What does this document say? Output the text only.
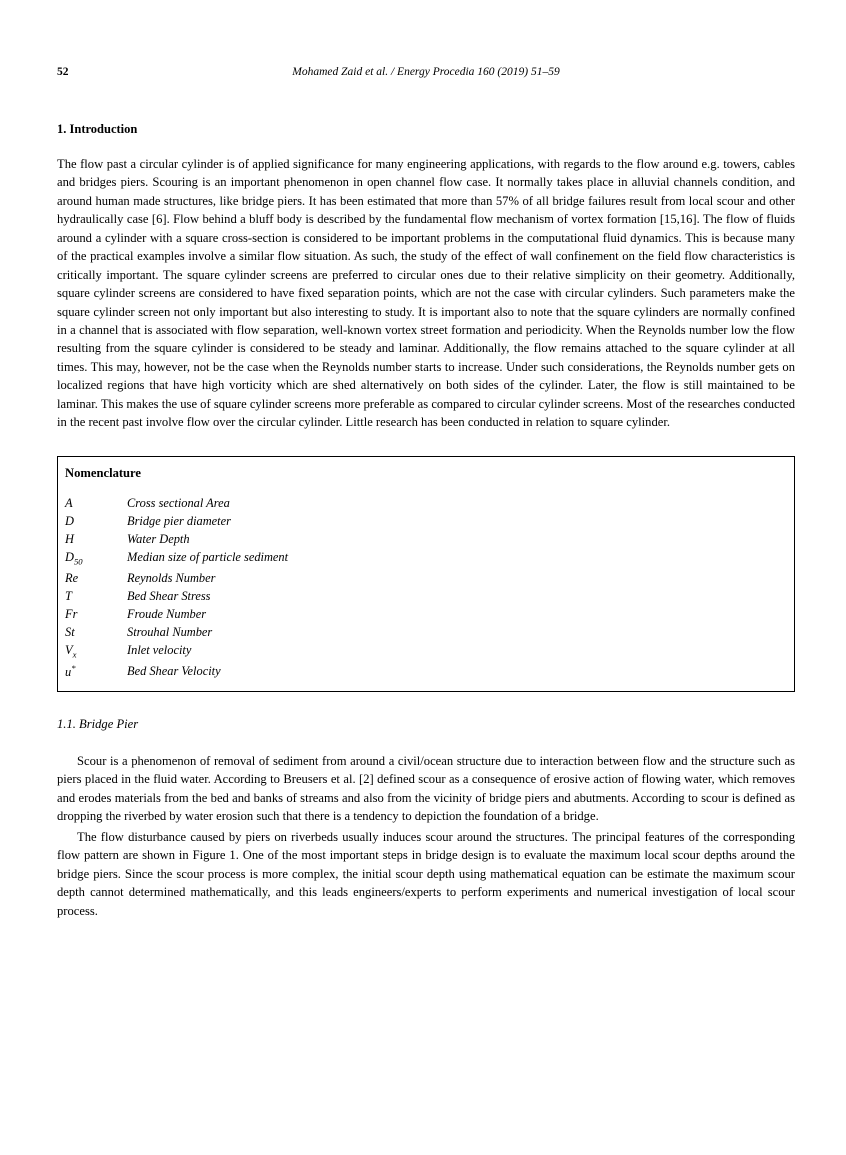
52	Mohamed Zaid et al. / Energy Procedia 160 (2019) 51–59
1. Introduction

The flow past a circular cylinder is of applied significance for many engineering applications, with regards to the flow around e.g. towers, cables and bridges piers. Scouring is an important phenomenon in open channel flow case. It normally takes place in alluvial channels condition, and around human made structures, like bridge piers. It has been estimated that more than 57% of all bridge failures result from local scour and other hydraulically case [6]. Flow behind a bluff body is described by the fundamental flow mechanism of vortex formation [15,16]. The flow of fluids around a cylinder with a square cross-section is considered to be important problems in the computational fluid dynamics. This is because many of the practical examples involve a similar flow situation. As such, the study of the effect of wall confinement on the field flow characteristics is critically important. The square cylinder screens are preferred to circular ones due to their relative simplicity on their geometry. Additionally, square cylinder screens are considered to have fixed separation points, which are not the case with circular cylinders. Such parameters make the square cylinder screen not only important but also interesting to study. It is important also to note that the square cylinders are normally confined in a channel that is associated with flow separation, well-known vortex street formation and periodicity. When the Reynolds number low the flow resulting from the square cylinder is considered to be steady and laminar. Additionally, the flow remains attached to the square cylinder at all times. This may, however, not be the case when the Reynolds number starts to increase. Under such considerations, the Reynolds number gets on localized regions that have high vorticity which are shed alternatively on both sides of the cylinder. Later, the flow is still maintained to be laminar. This makes the use of square cylinder screens more preferable as compared to circular cylinder screens. Most of the researches conducted in the recent past involve flow over the circular cylinder. Little research has been conducted in relation to square cylinder.

Nomenclature
A	Cross sectional Area
D	Bridge pier diameter
H	Water Depth
$D_{50}$	Median size of particle sediment
Re	Reynolds Number
T	Bed Shear Stress
Fr	Froude Number
St	Strouhal Number
$V_x$	Inlet velocity
u*	Bed Shear Velocity
1.1. Bridge Pier

Scour is a phenomenon of removal of sediment from around a civil/ocean structure due to interaction between flow and the structure such as piers placed in the fluid water. According to Breusers et al. [2] defined scour as a consequence of erosive action of flowing water, which removes and erodes materials from the bed and banks of streams and also from the vicinity of bridge piers and abutments. According to scour is defined as dropping the riverbed by water erosion such that there is a tendency to depiction the foundation of a bridge.

The flow disturbance caused by piers on riverbeds usually induces scour around the structures. The principal features of the corresponding flow pattern are shown in Figure 1. One of the most important steps in bridge design is to evaluate the maximum local scour depths around the bridge piers. Since the scour process is more complex, the initial scour depth using mathematical equation can be estimate the maximum scour depth cannot determined mathematically, and this leads engineers/experts to perform experiments and numerical investigation of local scour process.
